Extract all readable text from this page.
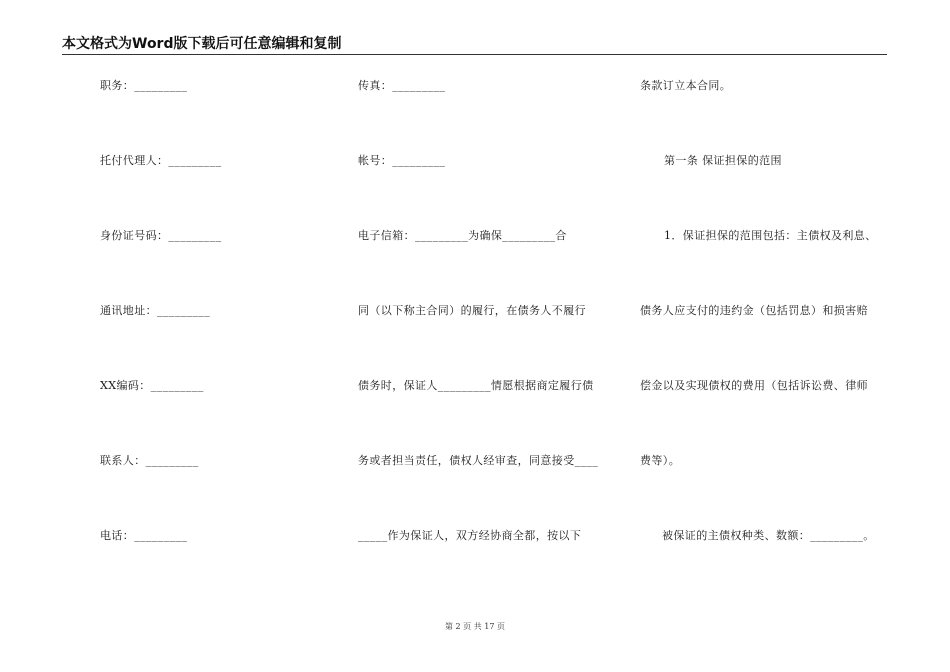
本文格式为Word版下载后可任意编辑和复制
职务：_________
托付代理人：_________
身份证号码：_________
通讯地址：_________
XX编码：_________
联系人：_________
电话：_________
传真：_________
帐号：_________
电子信箱：_________为确保_________合
同（以下称主合同）的履行，在债务人不履行
债务时，保证人_________情愿根据商定履行债
务或者担当责任，债权人经审查，同意接受____
_____作为保证人，双方经协商全都，按以下
条款订立本合同。
第一条 保证担保的范围
1．保证担保的范围包括：主债权及利息、
债务人应支付的违约金（包括罚息）和损害赔
偿金以及实现债权的费用（包括诉讼费、律师
费等）。
被保证的主债权种类、数额：_________。
第 2 页 共 17 页
